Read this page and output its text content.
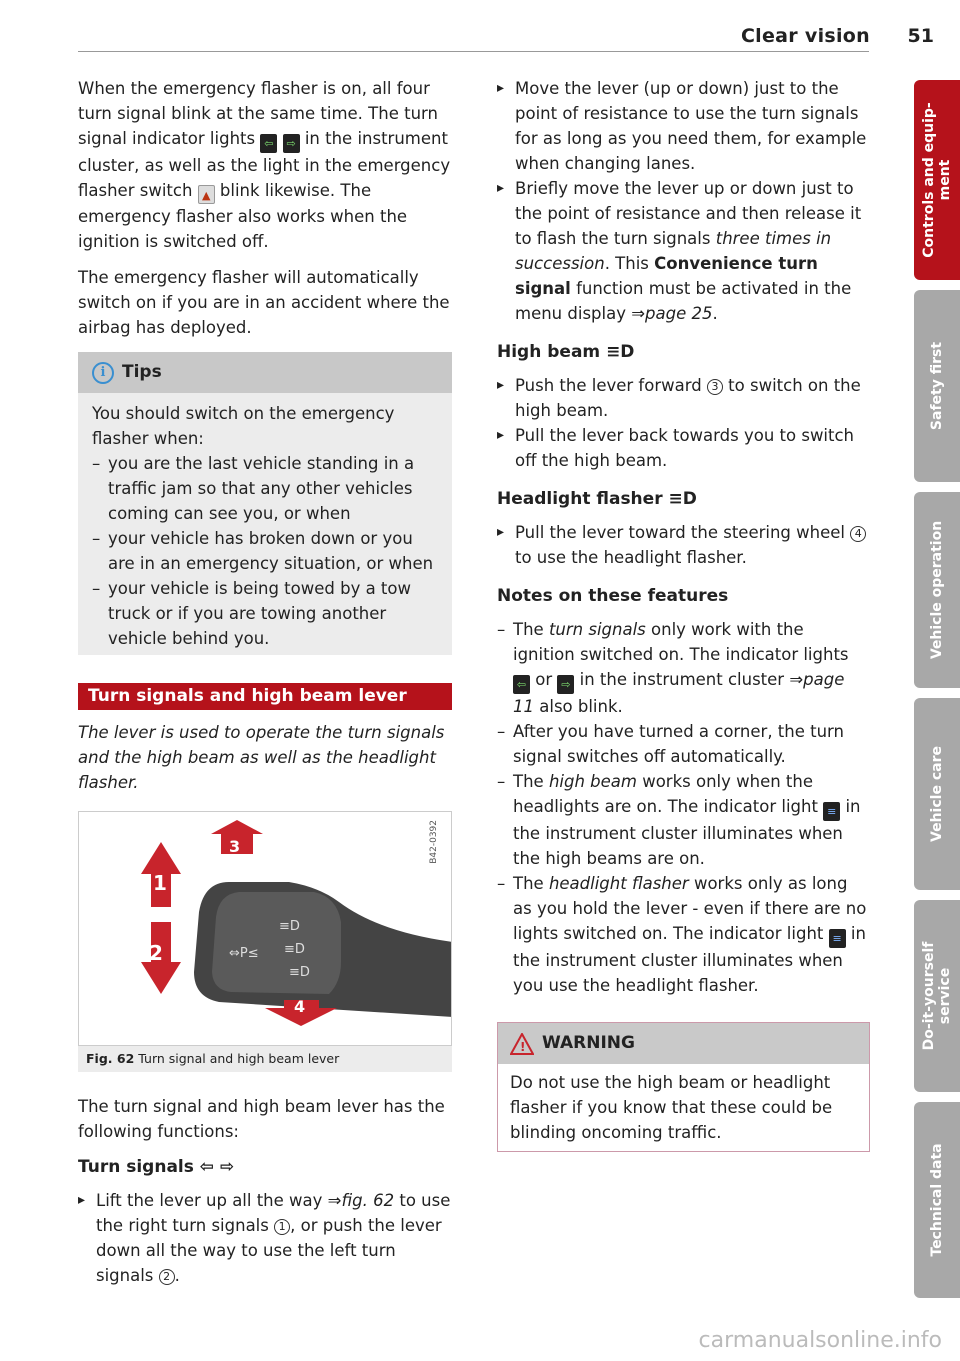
Clear vision 51

When the emergency flasher is on, all four turn signal blink at the same time. The turn signal indicator lights ⇦ ⇨ in the instrument cluster, as well as the light in the emergency flasher switch ▲ blink likewise. The emergency flasher also works when the ignition is switched off.

The emergency flasher will automatically switch on if you are in an accident where the airbag has deployed.

i Tips
You should switch on the emergency flasher when:
– you are the last vehicle standing in a traffic jam so that any other vehicles coming can see you, or when
– your vehicle has broken down or you are in an emergency situation, or when
– your vehicle is being towed by a tow truck or if you are towing another vehicle behind you.
Turn signals and high beam lever

The lever is used to operate the turn signals and the high beam as well as the headlight flasher.

B42-0392
⇔P≤
≡D
≡D
≡D
1
2
3
4
Fig. 62 Turn signal and high beam lever

The turn signal and high beam lever has the following functions:

Turn signals ⇦ ⇨
▸ Lift the lever up all the way ⇒fig. 62 to use the right turn signals 1 , or push the lever down all the way to use the left turn signals 2 .
▸ Move the lever (up or down) just to the point of resistance to use the turn signals for as long as you need them, for example when changing lanes.
▸ Briefly move the lever up or down just to the point of resistance and then release it to flash the turn signals three times in succession. This Convenience turn signal function must be activated in the menu display ⇒page 25.
High beam ≡D
▸ Push the lever forward 3 to switch on the high beam.
▸ Pull the lever back towards you to switch off the high beam.
Headlight flasher ≡D
▸ Pull the lever toward the steering wheel 4 to use the headlight flasher.
Notes on these features
– The turn signals only work with the ignition switched on. The indicator lights ⇦ or ⇨ in the instrument cluster ⇒page 11 also blink.
– After you have turned a corner, the turn signal switches off automatically.
– The high beam works only when the headlights are on. The indicator light ≡ in the instrument cluster illuminates when the high beams are on.
– The headlight flasher works only as long as you hold the lever - even if there are no lights switched on. The indicator light ≡ in the instrument cluster illuminates when you use the headlight flasher.
! WARNING
Do not use the high beam or headlight flasher if you know that these could be blinding oncoming traffic.
Controls and equip-
ment
Safety first
Vehicle operation
Vehicle care
Do-it-yourself
service
Technical data
carmanualsonline.info
